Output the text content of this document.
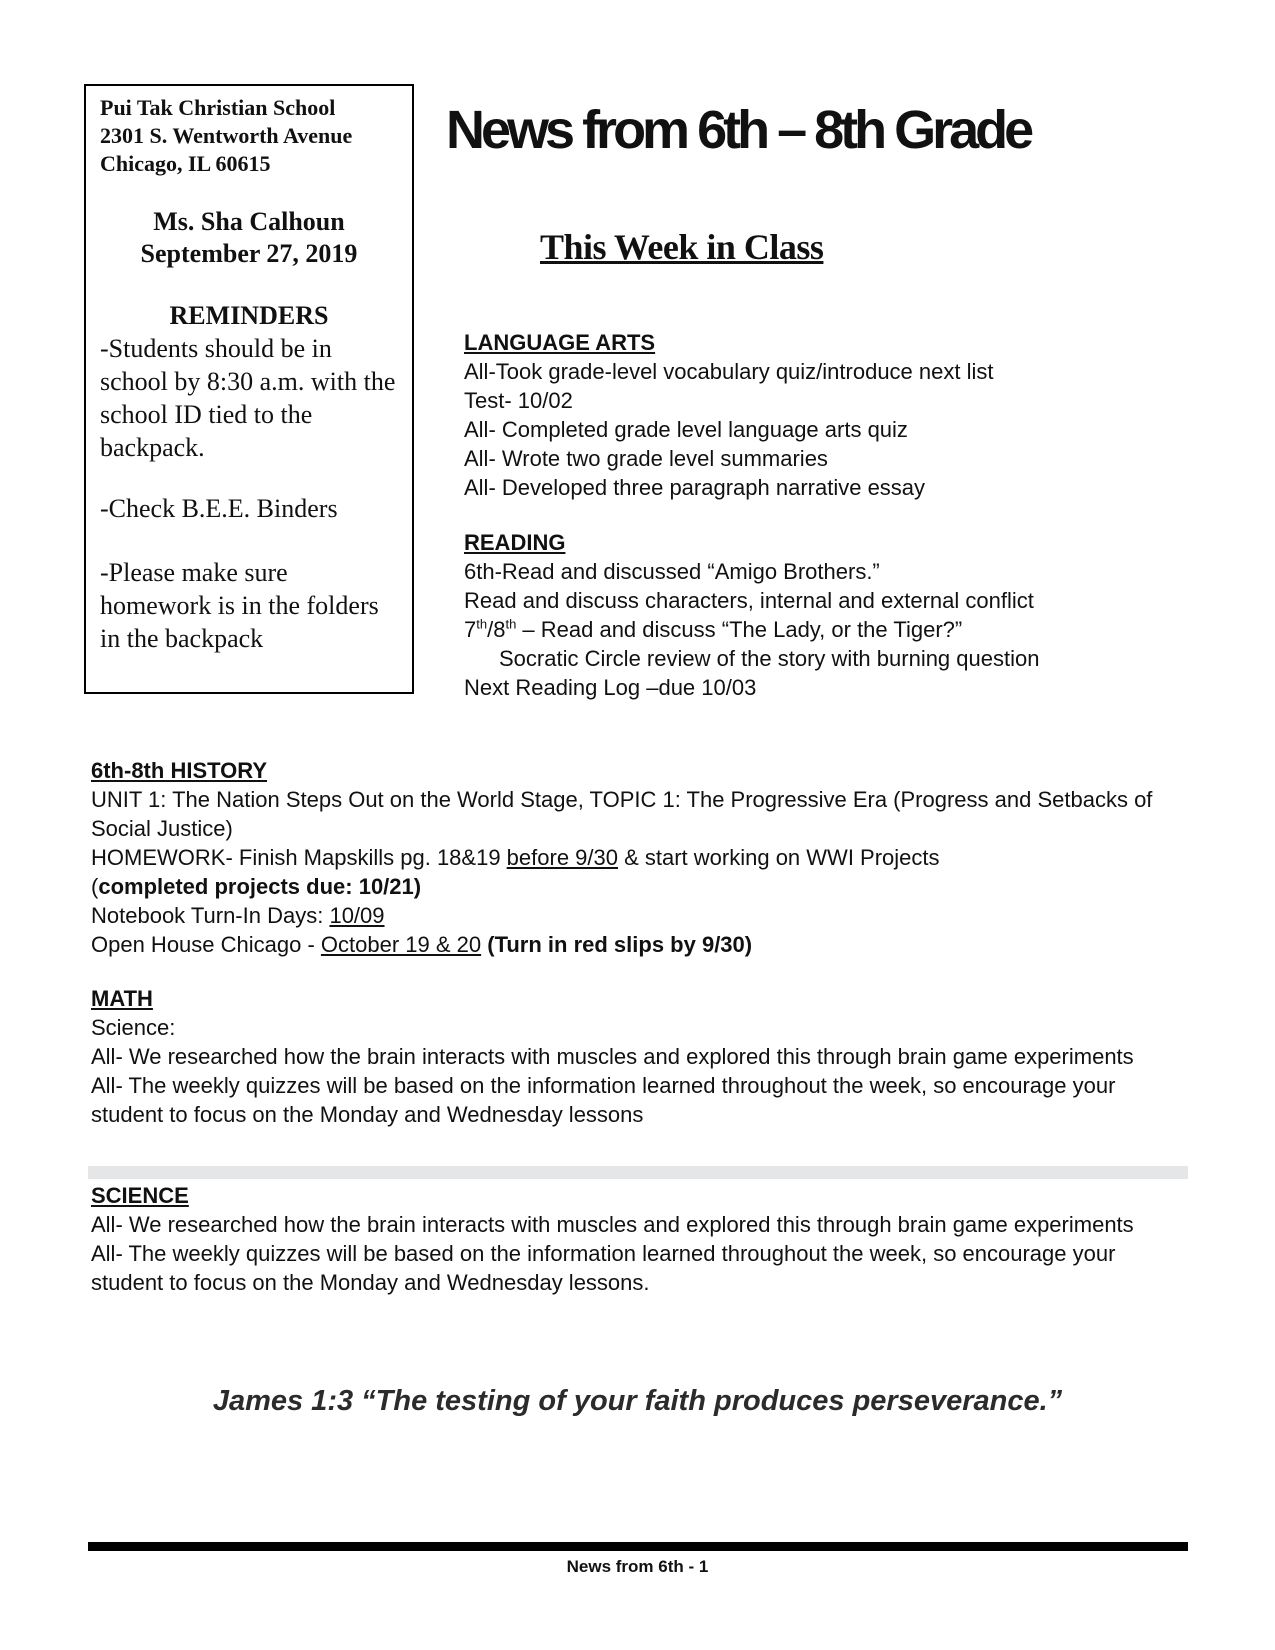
Pui Tak Christian School
2301 S. Wentworth Avenue
Chicago, IL 60615
Ms. Sha Calhoun
September 27, 2019
REMINDERS
-Students should be in school by 8:30 a.m. with the school ID tied to the backpack.
-Check B.E.E. Binders
-Please make sure homework is in the folders in the backpack
News from 6th – 8th Grade
This Week in Class
LANGUAGE ARTS
All-Took grade-level vocabulary quiz/introduce next list
Test- 10/02
All- Completed grade level language arts quiz
All- Wrote two grade level summaries
All- Developed three paragraph narrative essay
READING
6th-Read and discussed “Amigo Brothers.”
Read and discuss characters, internal and external conflict
7th/8th – Read and discuss “The Lady, or the Tiger?”
Socratic Circle review of the story with burning question
Next Reading Log –due 10/03
6th-8th HISTORY
UNIT 1: The Nation Steps Out on the World Stage, TOPIC 1: The Progressive Era (Progress and Setbacks of Social Justice)
HOMEWORK- Finish Mapskills pg. 18&19 before 9/30 & start working on WWI Projects
(completed projects due: 10/21)
Notebook Turn-In Days: 10/09
Open House Chicago - October 19 & 20 (Turn in red slips by 9/30)
MATH
Science:
All- We researched how the brain interacts with muscles and explored this through brain game experiments
All- The weekly quizzes will be based on the information learned throughout the week, so encourage your student to focus on the Monday and Wednesday lessons
SCIENCE
All- We researched how the brain interacts with muscles and explored this through brain game experiments
All- The weekly quizzes will be based on the information learned throughout the week, so encourage your student to focus on the Monday and Wednesday lessons.
James 1:3 “The testing of your faith produces perseverance.”
News from 6th - 1
